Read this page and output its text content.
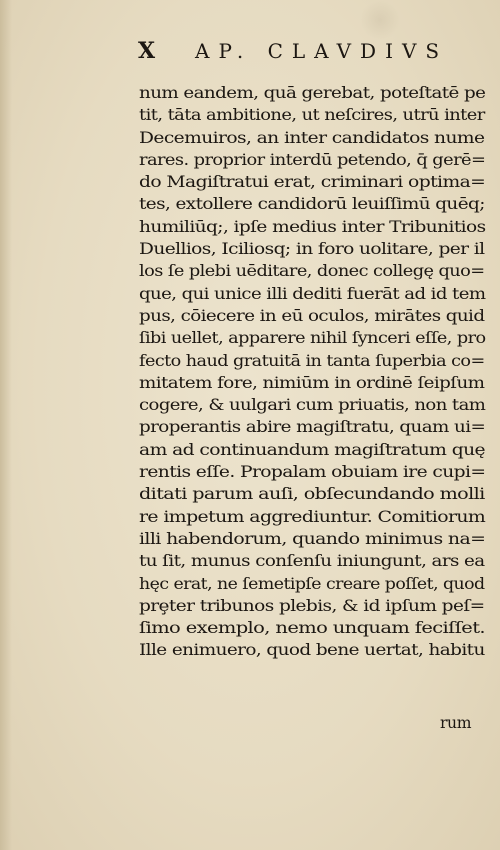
X AP. CLAVDIVS
num eandem, quā gerebat, poteſtatē pe
tit, tāta ambitione, ut neſcires, utrū inter
Decemuiros, an inter candidatos nume
rares. proprior interdū petendo, q̄ gerē=
do Magiſtratui erat, criminari optima=
tes, extollere candidorū leuiſſimū quēq;
humiliūq;, ipſe medius inter Tribunitios
Duellios, Iciliosq; in foro uolitare, per il
los ſe plebi uēditare, donec collegę quo=
que, qui unice illi dediti fuerāt ad id tem
pus, cōiecere in eū oculos, mirātes quid
ſibi uellet, apparere nihil ſynceri eſſe, pro
fecto haud gratuitā in tanta ſuperbia co=
mitatem fore, nimiūm in ordinē ſeipſum
cogere, & uulgari cum priuatis, non tam
properantis abire magiſtratu, quam ui=
am ad continuandum magiſtratum quę
rentis eſſe. Propalam obuiam ire cupi=
ditati parum auſi, obſecundando molli
re impetum aggrediuntur. Comitiorum
illi habendorum, quando minimus na=
tu ſit, munus conſenſu iniungunt, ars ea
hęc erat, ne ſemetipſe creare poſſet, quod
prȩter tribunos plebis, & id ipſum peſ=
ſimo exemplo, nemo unquam feciſſet.
Ille enimuero, quod bene uertat, habitu
rum
